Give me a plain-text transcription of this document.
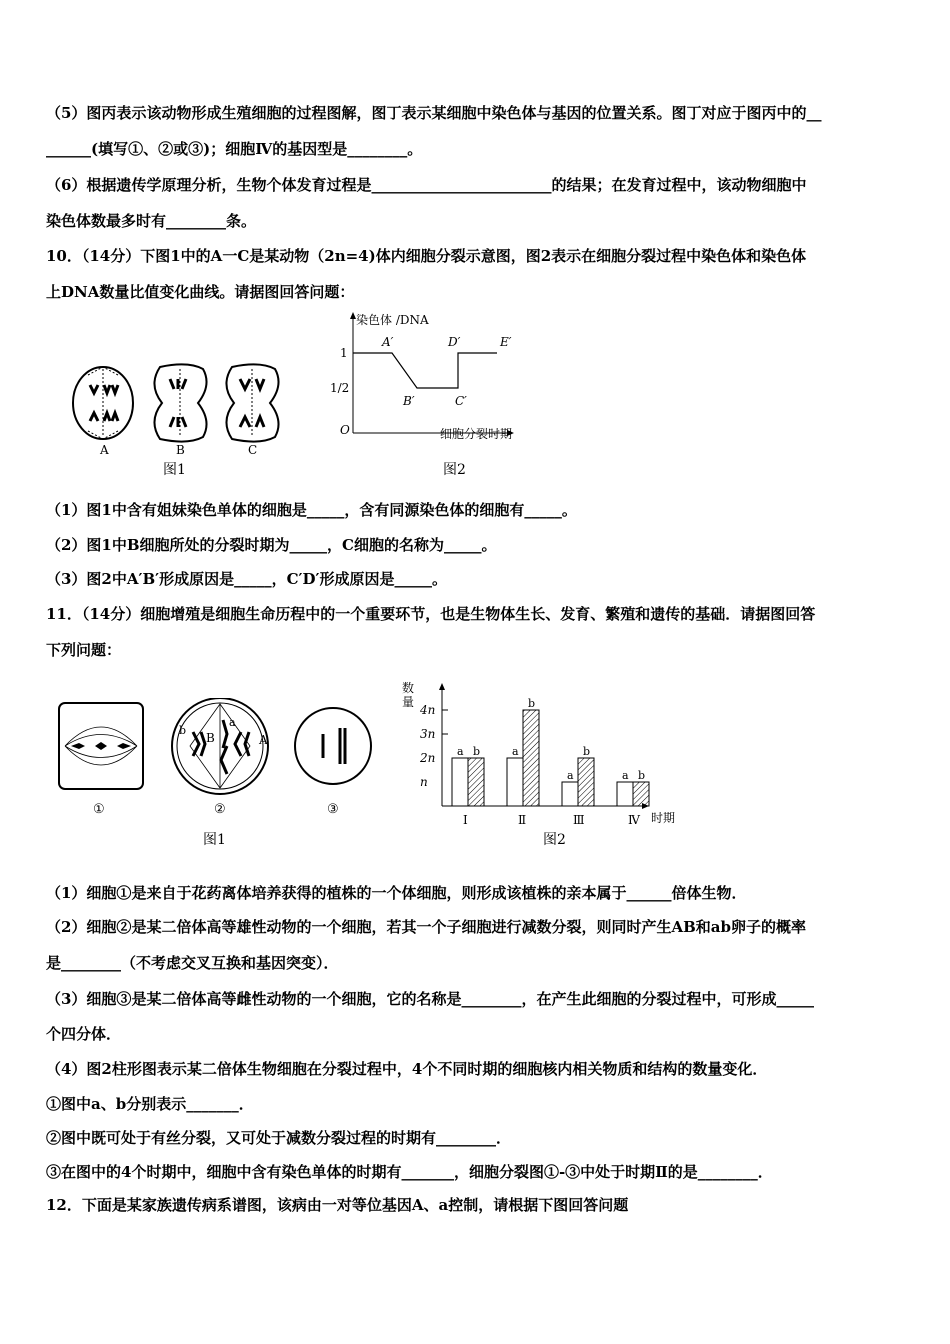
（5）图丙表示该动物形成生殖细胞的过程图解，图丁表示某细胞中染色体与基因的位置关系。图丁对应于图丙中的__
______(填写①、②或③)；细胞Ⅳ的基因型是________。
（6）根据遗传学原理分析，生物个体发育过程是________________________的结果；在发育过程中，该动物细胞中
染色体数最多时有________条。
10．（14分）下图1中的A一C是某动物（2n=4)体内细胞分裂示意图，图2表示在细胞分裂过程中染色体和染色体
上DNA数量比值变化曲线。请据图回答问题：
A	B	C
图1
染色体 /DNA
1
1/2
O
A′
B′	C′
D′	E′
细胞分裂时期
图2
（1）图1中含有姐妹染色单体的细胞是_____，含有同源染色体的细胞有_____。
（2）图1中B细胞所处的分裂时期为_____，C细胞的名称为_____。
（3）图2中A′B′形成原因是_____，C′D′形成原因是_____。
11．（14分）细胞增殖是细胞生命历程中的一个重要环节，也是生物体生长、发育、繁殖和遗传的基础．请据图回答
下列问题：
b
B
a
A
①	②	③
图1
数
量
4n
3n
2n
n
a b
Ⅰ
a
b
Ⅱ
a
b
Ⅲ
a b
Ⅳ 时期
图2
（1）细胞①是来自于花药离体培养获得的植株的一个体细胞，则形成该植株的亲本属于______倍体生物．
（2）细胞②是某二倍体高等雄性动物的一个细胞，若其一个子细胞进行减数分裂，则同时产生AB和ab卵子的概率
是________（不考虑交叉互换和基因突变）．
（3）细胞③是某二倍体高等雌性动物的一个细胞，它的名称是________，在产生此细胞的分裂过程中，可形成_____
个四分体．
（4）图2柱形图表示某二倍体生物细胞在分裂过程中，4个不同时期的细胞核内相关物质和结构的数量变化．
①图中a、b分别表示_______．
②图中既可处于有丝分裂，又可处于减数分裂过程的时期有________．
③在图中的4个时期中，细胞中含有染色单体的时期有_______，细胞分裂图①-③中处于时期Ⅱ的是________．
12．下面是某家族遗传病系谱图，该病由一对等位基因A、a控制，请根据下图回答问题
